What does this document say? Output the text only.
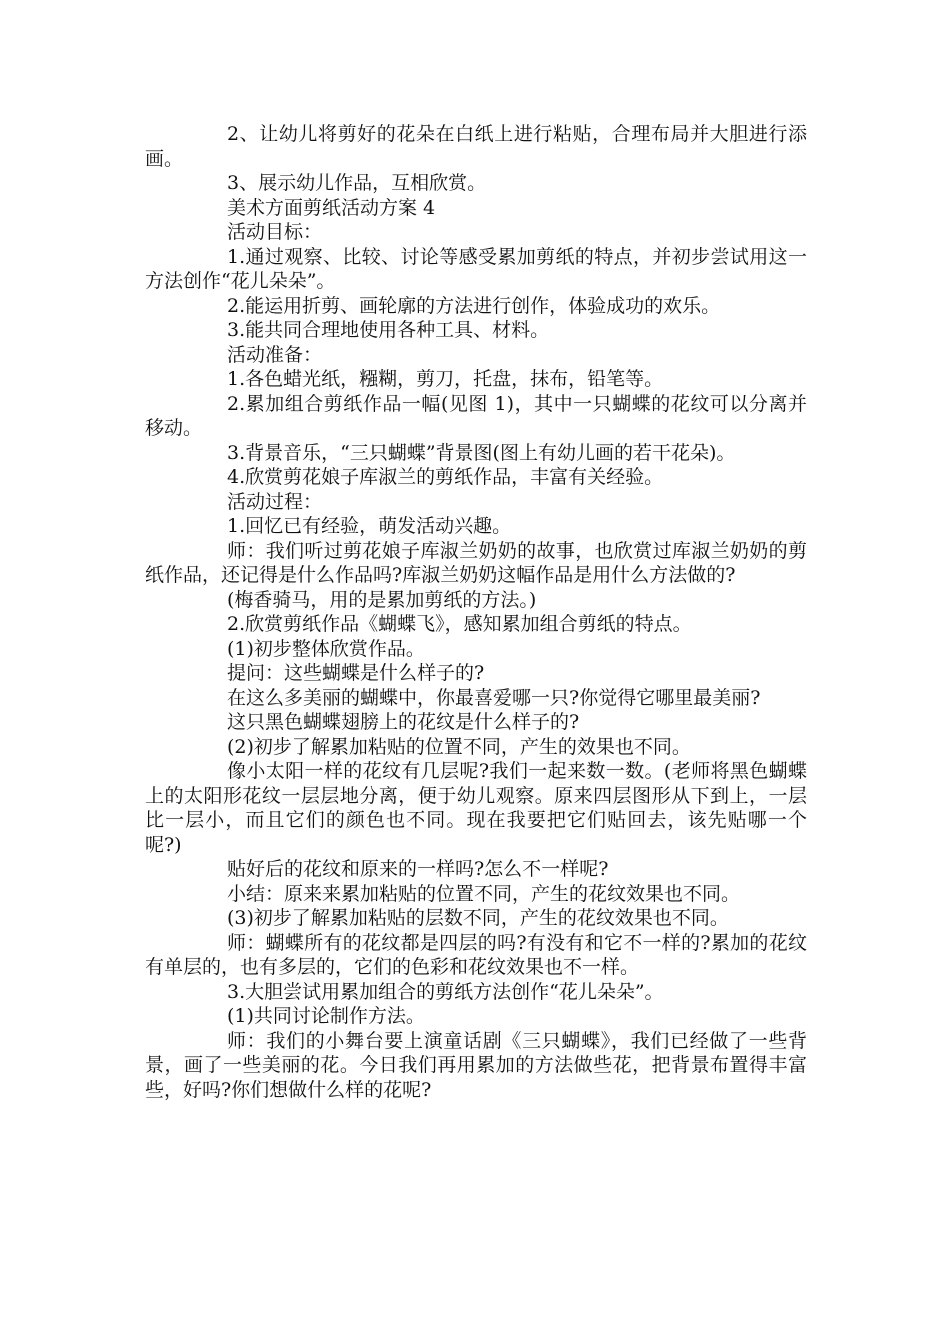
2、让幼儿将剪好的花朵在白纸上进行粘贴，合理布局并大胆进行添画。

3、展示幼儿作品，互相欣赏。

美术方面剪纸活动方案 4

活动目标：

1.通过观察、比较、讨论等感受累加剪纸的特点，并初步尝试用这一方法创作“花儿朵朵”。

2.能运用折剪、画轮廓的方法进行创作，体验成功的欢乐。

3.能共同合理地使用各种工具、材料。

活动准备：

1.各色蜡光纸，糨糊，剪刀，托盘，抹布，铅笔等。

2.累加组合剪纸作品一幅(见图 1)，其中一只蝴蝶的花纹可以分离并移动。

3.背景音乐，“三只蝴蝶”背景图(图上有幼儿画的若干花朵)。

4.欣赏剪花娘子库淑兰的剪纸作品，丰富有关经验。

活动过程：

1.回忆已有经验，萌发活动兴趣。

师：我们听过剪花娘子库淑兰奶奶的故事，也欣赏过库淑兰奶奶的剪纸作品，还记得是什么作品吗?库淑兰奶奶这幅作品是用什么方法做的?

(梅香骑马，用的是累加剪纸的方法。)

2.欣赏剪纸作品《蝴蝶飞》，感知累加组合剪纸的特点。

(1)初步整体欣赏作品。

提问：这些蝴蝶是什么样子的?

在这么多美丽的蝴蝶中，你最喜爱哪一只?你觉得它哪里最美丽?

这只黑色蝴蝶翅膀上的花纹是什么样子的?

(2)初步了解累加粘贴的位置不同，产生的效果也不同。

像小太阳一样的花纹有几层呢?我们一起来数一数。(老师将黑色蝴蝶上的太阳形花纹一层层地分离，便于幼儿观察。原来四层图形从下到上，一层比一层小，而且它们的颜色也不同。现在我要把它们贴回去，该先贴哪一个呢?)

贴好后的花纹和原来的一样吗?怎么不一样呢?

小结：原来来累加粘贴的位置不同，产生的花纹效果也不同。

(3)初步了解累加粘贴的层数不同，产生的花纹效果也不同。

师：蝴蝶所有的花纹都是四层的吗?有没有和它不一样的?累加的花纹有单层的，也有多层的，它们的色彩和花纹效果也不一样。

3.大胆尝试用累加组合的剪纸方法创作“花儿朵朵”。

(1)共同讨论制作方法。

师：我们的小舞台要上演童话剧《三只蝴蝶》，我们已经做了一些背景，画了一些美丽的花。今日我们再用累加的方法做些花，把背景布置得丰富些，好吗?你们想做什么样的花呢?
